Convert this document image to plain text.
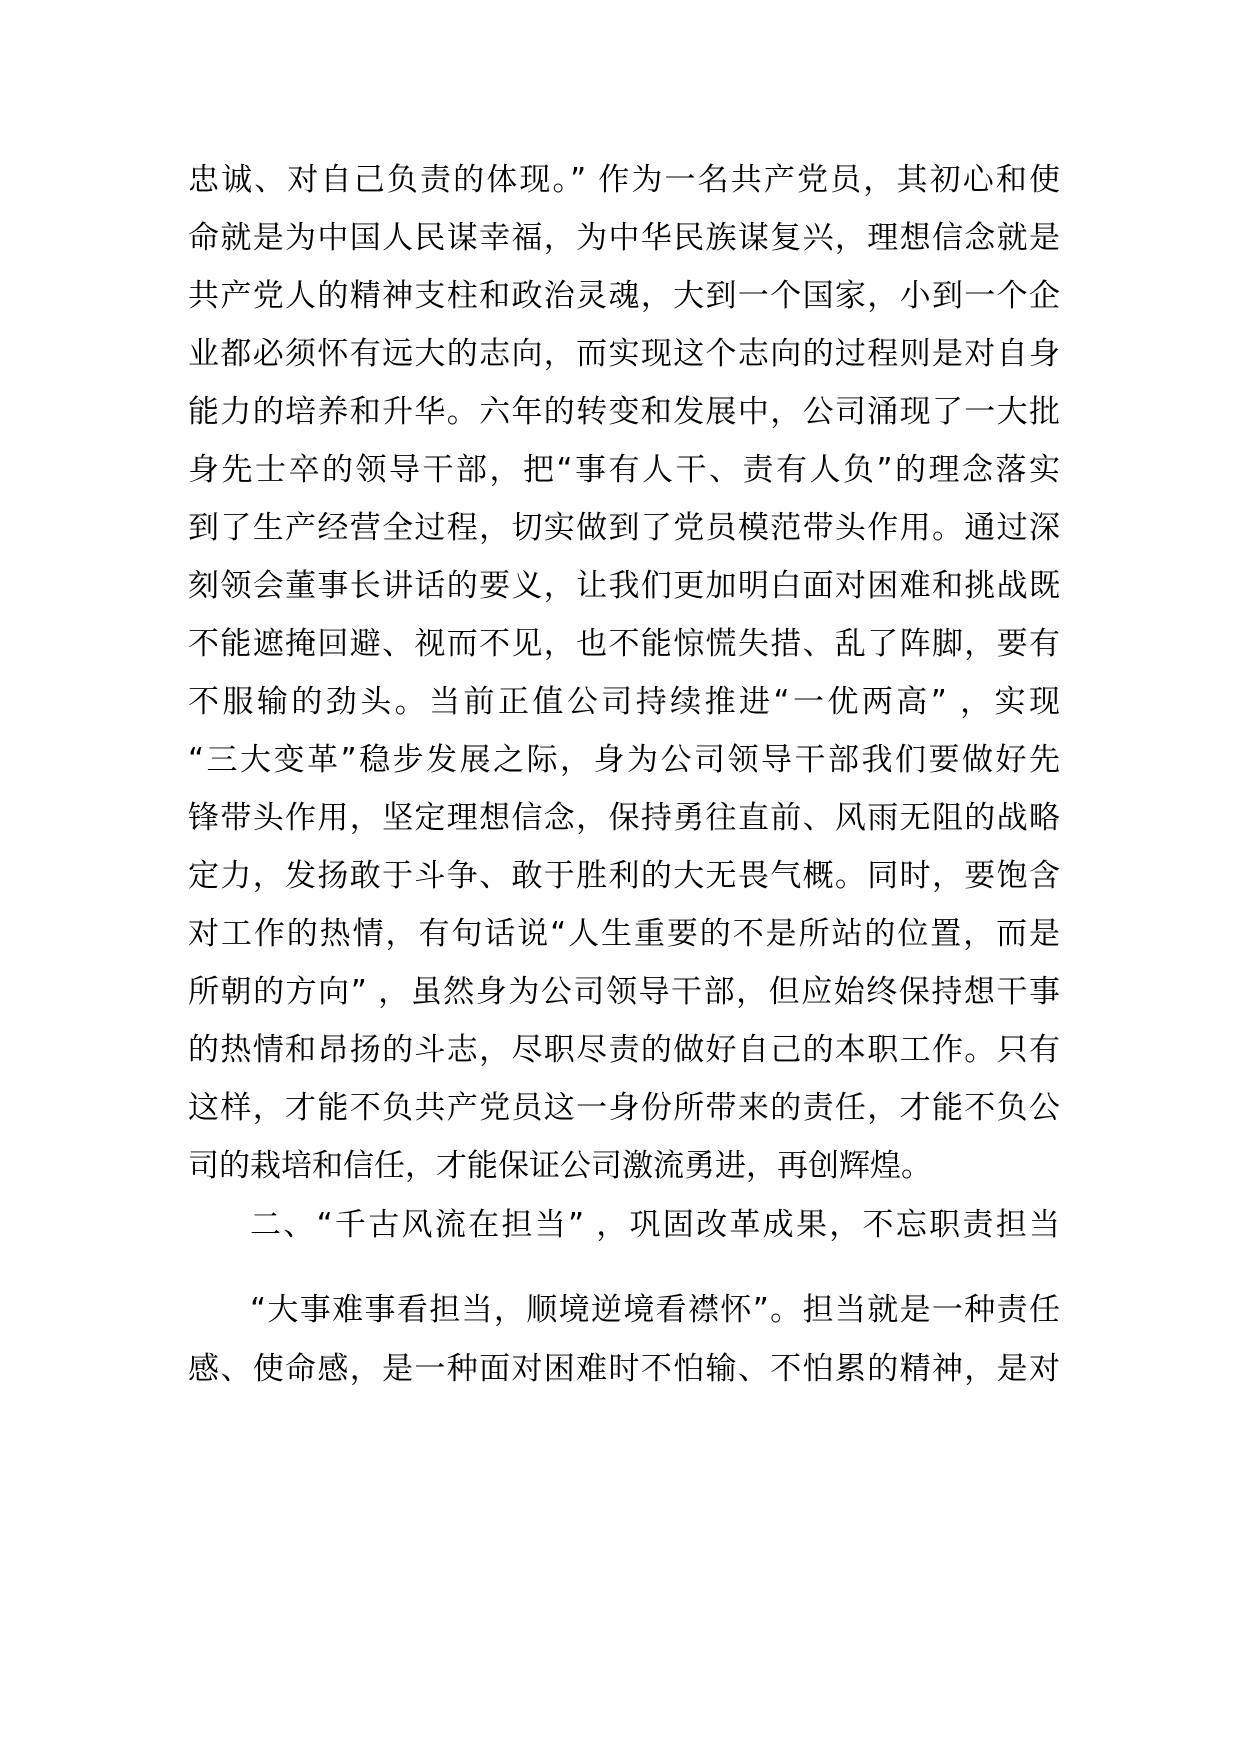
忠诚、对自己负责的体现。” 作为一名共产党员，其初心和使
命就是为中国人民谋幸福，为中华民族谋复兴，理想信念就是
共产党人的精神支柱和政治灵魂，大到一个国家，小到一个企
业都必须怀有远大的志向，而实现这个志向的过程则是对自身
能力的培养和升华。六年的转变和发展中，公司涌现了一大批
身先士卒的领导干部，把“事有人干、责有人负”的理念落实
到了生产经营全过程，切实做到了党员模范带头作用。通过深
刻领会董事长讲话的要义，让我们更加明白面对困难和挑战既
不能遮掩回避、视而不见，也不能惊慌失措、乱了阵脚，要有
不服输的劲头。当前正值公司持续推进“一优两高” ，实现
“三大变革”稳步发展之际，身为公司领导干部我们要做好先
锋带头作用，坚定理想信念，保持勇往直前、风雨无阻的战略
定力，发扬敢于斗争、敢于胜利的大无畏气概。同时，要饱含
对工作的热情，有句话说“人生重要的不是所站的位置，而是
所朝的方向” ，虽然身为公司领导干部，但应始终保持想干事
的热情和昂扬的斗志，尽职尽责的做好自己的本职工作。只有
这样，才能不负共产党员这一身份所带来的责任，才能不负公
司的栽培和信任，才能保证公司激流勇进，再创辉煌。
二、“千古风流在担当” ，巩固改革成果，不忘职责担当
“大事难事看担当，顺境逆境看襟怀”。担当就是一种责任
感、使命感，是一种面对困难时不怕输、不怕累的精神，是对
